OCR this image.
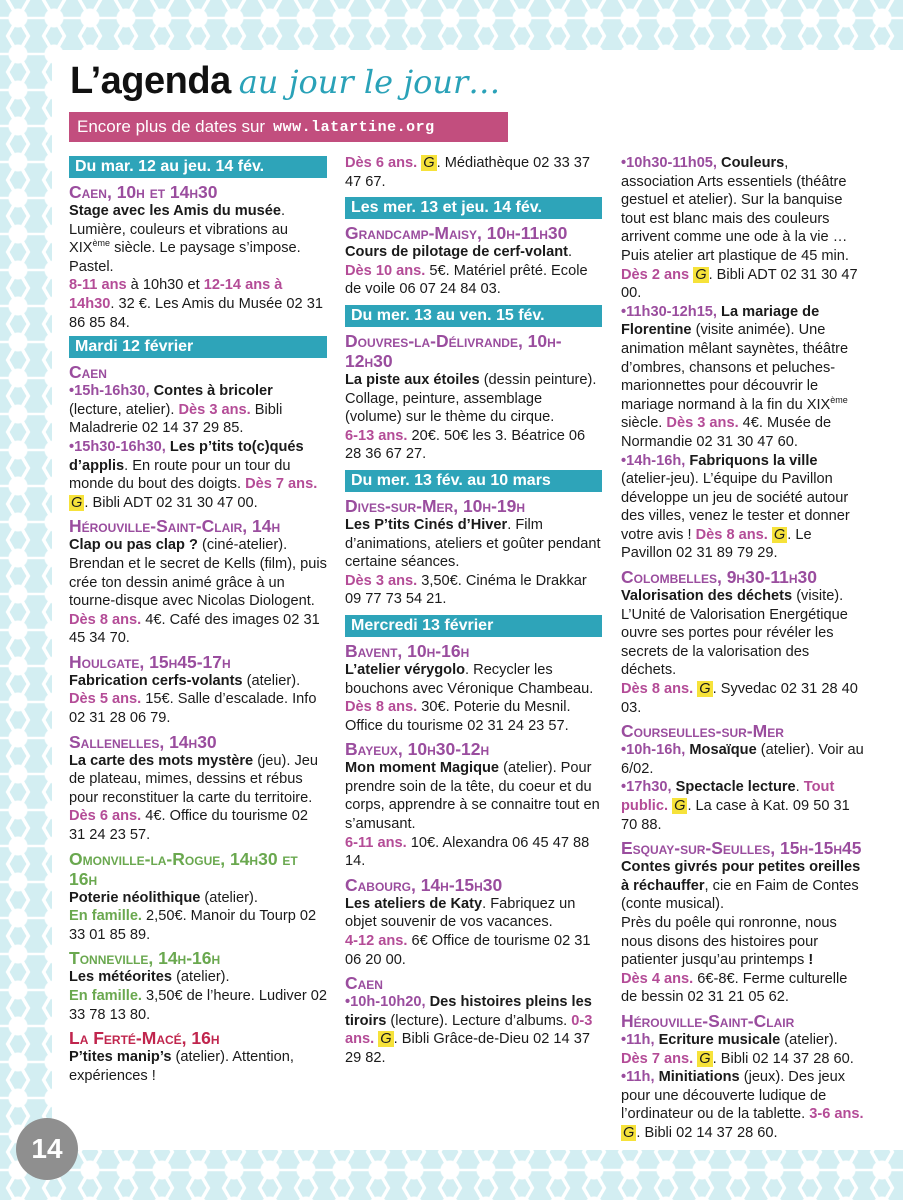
L’agenda au jour le jour…
Encore plus de dates sur www.latartine.org
Du mar. 12 au jeu. 14 fév.
Caen, 10h et 14h30

Stage avec les Amis du musée.
Lumière, couleurs et vibrations au XIXème siècle. Le paysage s’impose. Pastel.
8-11 ans à 10h30 et 12-14 ans à 14h30. 32 €. Les Amis du Musée 02 31 86 85 84.

Mardi 12 février
Caen

•15h-16h30, Contes à bricoler (lecture, atelier). Dès 3 ans. Bibli Maladrerie 02 14 37 29 85.

•15h30-16h30, Les p’tits to(c)qués d’applis. En route pour un tour du monde du bout des doigts. Dès 7 ans. G . Bibli ADT 02 31 30 47 00.

Hérouville-Saint-Clair, 14h

Clap ou pas clap ? (ciné-atelier). Brendan et le secret de Kells (film), puis crée ton dessin animé grâce à un tourne-disque avec Nicolas Diologent.
Dès 8 ans. 4€. Café des images 02 31 45 34 70.

Houlgate, 15h45-17h

Fabrication cerfs-volants (atelier).
Dès 5 ans. 15€. Salle d’escalade. Info 02 31 28 06 79.

Sallenelles, 14h30

La carte des mots mystère (jeu). Jeu de plateau, mimes, dessins et rébus pour reconstituer la carte du territoire.
Dès 6 ans. 4€. Office du tourisme 02 31 24 23 57.

Omonville-la-Rogue, 14h30 et 16h

Poterie néolithique (atelier).
En famille. 2,50€. Manoir du Tourp 02 33 01 85 89.

Tonneville, 14h-16h

Les météorites (atelier).
En famille. 3,50€ de l’heure. Ludiver 02 33 78 13 80.

La Ferté-Macé, 16h

P’tites manip’s (atelier). Attention, expériences !

Dès 6 ans. G . Médiathèque 02 33 37 47 67.

Les mer. 13 et jeu. 14 fév.
Grandcamp-Maisy, 10h-11h30

Cours de pilotage de cerf-volant.
Dès 10 ans. 5€. Matériel prêté. Ecole de voile 06 07 24 84 03.

Du mer. 13 au ven. 15 fév.
Douvres-la-Délivrande, 10h-12h30

La piste aux étoiles (dessin peinture). Collage, peinture, assemblage (volume) sur le thème du cirque.
6-13 ans. 20€. 50€ les 3. Béatrice 06 28 36 67 27.

Du mer. 13 fév. au 10 mars
Dives-sur-Mer, 10h-19h

Les P’tits Cinés d’Hiver. Film d’animations, ateliers et goûter pendant certaine séances.
Dès 3 ans. 3,50€. Cinéma le Drakkar 09 77 73 54 21.

Mercredi 13 février
Bavent, 10h-16h

L’atelier vérygolo. Recycler les bouchons avec Véronique Chambeau. Dès 8 ans. 30€. Poterie du Mesnil. Office du tourisme 02 31 24 23 57.

Bayeux, 10h30-12h

Mon moment Magique (atelier). Pour prendre soin de la tête, du coeur et du corps, apprendre à se connaitre tout en s’amusant.
6-11 ans. 10€. Alexandra 06 45 47 88 14.

Cabourg, 14h-15h30

Les ateliers de Katy. Fabriquez un objet souvenir de vos vacances.
4-12 ans. 6€ Office de tourisme 02 31 06 20 00.

Caen

•10h-10h20, Des histoires pleins les tiroirs (lecture). Lecture d’albums. 0-3 ans. G . Bibli Grâce-de-Dieu 02 14 37 29 82.

•10h30-11h05, Couleurs, association Arts essentiels (théâtre gestuel et atelier). Sur la banquise tout est blanc mais des couleurs arrivent comme une ode à la vie … Puis atelier art plastique de 45 min. Dès 2 ans G . Bibli ADT 02 31 30 47 00.

•11h30-12h15, La mariage de Florentine (visite animée). Une animation mêlant saynètes, théâtre d’ombres, chansons et peluches-marionnettes pour découvrir le mariage normand à la fin du XIXème siècle. Dès 3 ans. 4€. Musée de Normandie 02 31 30 47 60.

•14h-16h, Fabriquons la ville (atelier-jeu). L’équipe du Pavillon développe un jeu de société autour des villes, venez le tester et donner votre avis ! Dès 8 ans. G . Le Pavillon 02 31 89 79 29.

Colombelles, 9h30-11h30

Valorisation des déchets (visite). L’Unité de Valorisation Energétique ouvre ses portes pour révéler les secrets de la valorisation des déchets.
Dès 8 ans. G . Syvedac 02 31 28 40 03.

Courseulles-sur-Mer

•10h-16h, Mosaïque (atelier). Voir au 6/02.

•17h30, Spectacle lecture. Tout public. G . La case à Kat. 09 50 31 70 88.

Esquay-sur-Seulles, 15h-15h45

Contes givrés pour petites oreilles à réchauffer, cie en Faim de Contes (conte musical).
Près du poêle qui ronronne, nous nous disons des histoires pour patienter jusqu’au printemps !
Dès 4 ans. 6€-8€. Ferme culturelle de bessin 02 31 21 05 62.

Hérouville-Saint-Clair

•11h, Ecriture musicale (atelier). Dès 7 ans. G . Bibli 02 14 37 28 60.

•11h, Minitiations (jeux). Des jeux pour une découverte ludique de l’ordinateur ou de la tablette. 3-6 ans. G . Bibli 02 14 37 28 60.

14
